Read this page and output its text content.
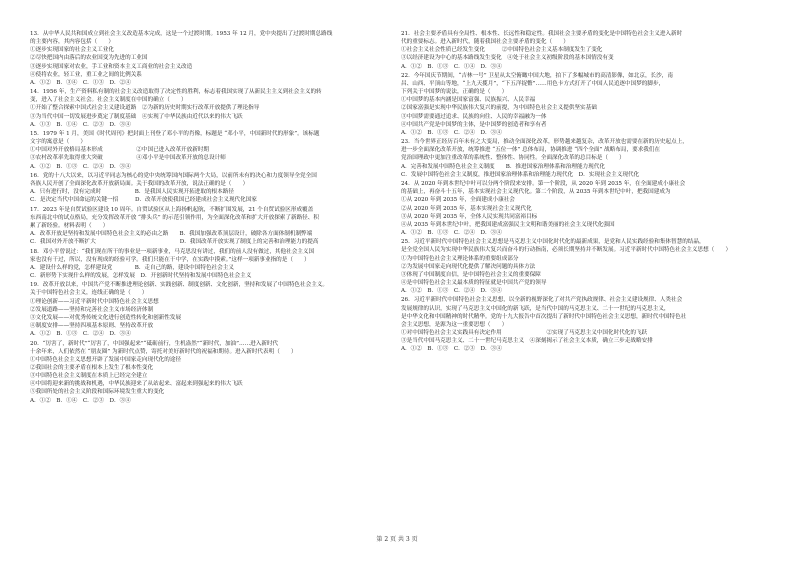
13．从中华人民共和国成立到社会主义改造基本完成，这是一个过渡时期。1953 年 12 月，党中央提出了过渡时期总路线
的主要内容，其内容包括（　　）
①逐步实现国家的社会主义工业化
②尽快把国内由落后的农业国变为先进的工业国
③逐步实现国家对农业，手工业和资本主义工商业的社会主义改造
④使将农业，轻工业，重工业之间的比例关系
A．①②　B．③④　C．①③　D．②④
14．1956 年，生产资料私有制的社会主义改造取得了决定性的胜利，标志着我国实现了从新民主主义到社会主义的转
变，进入了社会主义社会。社会主义制度在中国的确立（　　）
①开始了整合探索中国式社会主义建设道路　②为新的历史时期实行改革开放提供了理论指导
③为当代中国一切发展进步奠定了制度基础　④实现了中华民族由近代以来的伟大飞跃
A．①③　B．①④　C．②③　D．③④
15．1979 年 1 月，美国《时代周刊》把封面上刊登了邓小平的肖像，标题是 “邓小平，中国新时代的形象”。该标题
文字的寓意是（　　）
①中国对外开放格局基本形成　　　　　　②中国已进入改革开放新时期
③农村改革率先取得重大突破　　　　　　④邓小平是中国改革开放的总设计师
A．①②　B．①③　C．②④　D．③④
16．党的十八大以来，以习近平同志为核心的党中央统筹国内国际两个大局，以前所未有的决心和力度领导全党全国
各族人民开创了全面深化改革开放新局面。关于我国的改革开放，说法正确的是（　　）
A．只有进行时，没有完成时　　　　　　B．是我国人民实现开拓进取的根本路径
C．是决定当代中国命运的关键一招　　　D．改革开放使我国已经建成社会主义现代化国家
17．2023 年是自贸试验区建设 10 周年。自贸试验区从上海扬帆起航，不断扩围发展，21 个自贸试验区形成覆盖
东西南北中的试点格局，充分发挥改革开放 “排头兵” 的示范引领作用，为全面深化改革和扩大开放探索了新路径、积
累了新经验。材料表明（　　）
A．改革开放是坚持和发展中国特色社会主义的必由之路　　B．我国加强改革顶层设计，破除各方面体制机制弊端
C．我国对外开放不断扩大　　　　　　　　　　　　　　　D．我国改革开放实现了制度上的完善和治理能力的提高
18．邓小平曾说过：“我们现在所干的事业是一项新事业，马克思没有讲过，我们的前人没有做过，其他社会主义国
家也没有干过，所以，没有现成的经验可学。我们只能在干中学，在实践中摸索。”这样一项新事业指的是（　　）
A．建设什么样的党，怎样建设党　　　　B．走自己的路，建设中国特色社会主义
C．新形势下实现什么样的发展，怎样发展　D．开创新时代坚持和发展中国特色社会主义
19．改革开放以来，中国共产党不断推进理论创新、实践创新、制度创新、文化创新，坚持和发展了中国特色社会主义。
关于中国特色社会主义，连线正确的是（　　）
①理论创新——习近平新时代中国特色社会主义思想
②发展道路——坚持和完善社会主义市场经济体制
③文化发展——对优秀传统文化进行创造性转化和创新性发展
④制度安排——坚持四项基本原则、坚持改革开放
A．①②　B．①③　C．②④　D．③④
20．“厉害了，新时代”“厉害了，中国强起来”“砥砺前行，生机盎然”“新时代，加油”……进入新时代
十余年来，人们依然在 “朋友圈” 为新时代点赞，寄托对美好新时代的祝福和期待。进入新时代表明（　　）
①中国特色社会主义思想开辟了发展中国家走向现代化的途径
②我国社会的主要矛盾在根本上发生了根本性变化
③中国特色社会主义制度在本质上已经完全建立
④中国将迎来新的挑战和机遇，中华民族迎来了从站起来、富起来到强起来的伟大飞跃
⑤我国所处的社会主义阶段和国际环境发生重大的变化
A．①②　B．①④　C．②③　D．③④
21．社会主要矛盾具有全局性、根本性、长远性和稳定性。我国社会主要矛盾的变化是中国特色社会主义进入新时
代的重要标志。进入新时代，随着我国社会主要矛盾的变化（　　）
①社会主义社会性质已经发生变化　　　②中国特色社会主义基本制度发生了变化
③以经济建设为中心的基本路线发生变化　④处于社会主义初级阶段的基本国情没有变
A．①②　B．①③　C．①④　D．③④
22．今年国庆节期间，“吉林一号” 卫星从太空俯瞰中国大地，拍下了多幅城市的高清影像，如北京，长沙，南
昌、山西、平顶山等地，“上九天揽月”，“下五洋捉鳖”……用色卡方式打开了中国人民追逐中国梦的脚步，
下列关于中国梦的说法，正确的是（　　）
①中国梦的基本内涵是国家富强、民族振兴、人民幸福
②国家富强是实现中华民族伟大复兴的前提，为中国特色社会主义提供坚实基础
③中国梦需要通过追求、民族的向往、人民的幸福融为一体
④中国共产党是中国梦的主体，是中国梦的创造者和享有者
A．①②　B．①③　C．②④　D．③④
23．当今世界正经历百年未有之大变局，推动全面深化改革，形势越来越复杂，改革开放也需要在新的历史起点上，
进一步全面深化改革开放，统筹推进 “五位一体” 总体布局，协调推进 “四个全面” 战略布局，要求我们在
党治国理政中更加注重改革的系统性、整体性、协同性。全面深化改革的总目标是（　　）
A．完善和发展中国特色社会主义制度　　B．推进国家治理体系和治理能力现代化
C．发展中国特色社会主义制度，推进国家治理体系和治理能力现代化　D．实现社会主义现代化
24．从 2020 年到本世纪中叶可以分两个阶段来安排。第一个阶段，从 2020 年到 2035 年，在全面建成小康社会
的基础上，再奋斗十五年，基本实现社会主义现代化。第二个阶段，从 2035 年到本世纪中叶，把我国建成为
①从 2020 年到 2035 年，全面建成小康社会
②从 2020 年到 2035 年，基本实现社会主义现代化
③从 2020 年到 2035 年，全体人民实现共同富裕目标
④从 2035 年到本世纪中叶，把我国建成富强民主文明和谐美丽的社会主义现代化强国
A．①②　B．①③　C．②④　D．③④
25．习近平新时代中国特色社会主义思想是马克思主义中国化时代化的最新成果，是党和人民实践经验和集体智慧的结晶，
是全党全国人民为实现中华民族伟大复兴而奋斗的行动指南，必须长期坚持并不断发展。习近平新时代中国特色社会主义思想（　　）
①为中国特色社会主义理论体系的重要组成部分
②为发展中国家走向现代化提供了解决问题的具体方法
③体现了中国制度自信，是中国特色社会主义的重要保障
④是中国特色社会主义最本质的特征就是中国共产党的领导
A．①②　B．①③　C．②④　D．③④
26．习近平新时代中国特色社会主义思想，以全新的视野深化了对共产党执政规律、社会主义建设规律、人类社会
发展规律的认识，实现了马克思主义中国化的新飞跃，是当代中国的马克思主义、二十一世纪的马克思主义，
是中华文化和中国精神的时代精华。党的十九大报告中首次提出了新时代中国特色社会主义思想，新时代中国特色社
会主义思想，是源为这一重要思想（　　）
①对中国特色社会主义实践具有决定作用　　　　　　　　②实现了马克思主义中国化时代化的飞跃
③是当代中国马克思主义、二十一世纪马克思主义　④深刻揭示了社会主义本质，确立三步走战略安排
A．①②　B．①③　C．②③　D．③④
第 2 页 共 3 页
